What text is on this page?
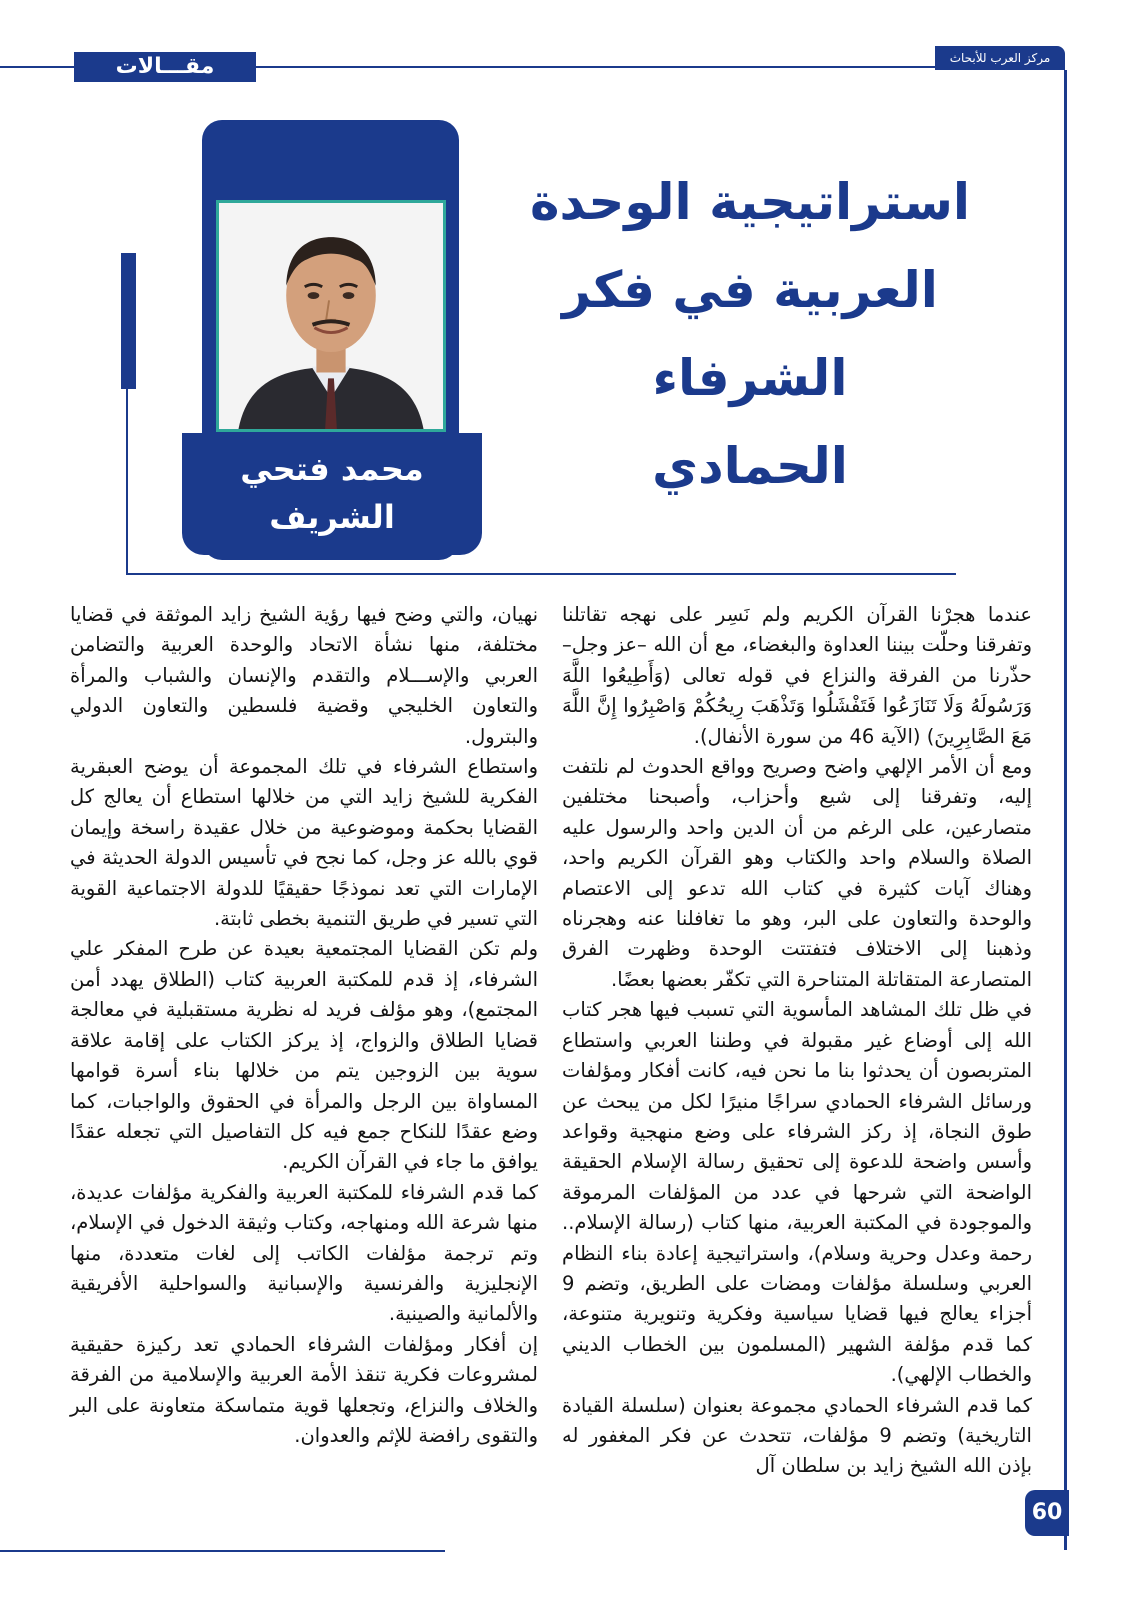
مقـــالات	مركز العرب للأبحاث
استراتيجية الوحدة
العربية في فكر الشرفاء
الحمادي
محمد فتحي
الشريف

عندما هجرْنا القرآن الكريم ولم نَسِر على نهجه تقاتلنا وتفرقنا وحلّت بيننا العداوة والبغضاء، مع أن الله –عز وجل– حذّرنا من الفرقة والنزاع في قوله تعالى (وَأَطِيعُوا اللَّهَ وَرَسُولَهُ وَلَا تَنَازَعُوا فَتَفْشَلُوا وَتَذْهَبَ رِيحُكُمْ وَاصْبِرُوا إِنَّ اللَّهَ مَعَ الصَّابِرِينَ) (الآية 46 من سورة الأنفال).

ومع أن الأمر الإلهي واضح وصريح وواقع الحدوث لم نلتفت إليه، وتفرقنا إلى شيع وأحزاب، وأصبحنا مختلفين متصارعين، على الرغم من أن الدين واحد والرسول عليه الصلاة والسلام واحد والكتاب وهو القرآن الكريم واحد، وهناك آيات كثيرة في كتاب الله تدعو إلى الاعتصام والوحدة والتعاون على البر، وهو ما تغافلنا عنه وهجرناه وذهبنا إلى الاختلاف فتفتتت الوحدة وظهرت الفرق المتصارعة المتقاتلة المتناحرة التي تكفّر بعضها بعضًا.

في ظل تلك المشاهد المأسوية التي تسبب فيها هجر كتاب الله إلى أوضاع غير مقبولة في وطننا العربي واستطاع المتربصون أن يحدثوا بنا ما نحن فيه، كانت أفكار ومؤلفات ورسائل الشرفاء الحمادي سراجًا منيرًا لكل من يبحث عن طوق النجاة، إذ ركز الشرفاء على وضع منهجية وقواعد وأسس واضحة للدعوة إلى تحقيق رسالة الإسلام الحقيقة الواضحة التي شرحها في عدد من المؤلفات المرموقة والموجودة في المكتبة العربية، منها كتاب (رسالة الإسلام.. رحمة وعدل وحرية وسلام)، واستراتيجية إعادة بناء النظام العربي وسلسلة مؤلفات ومضات على الطريق، وتضم 9 أجزاء يعالج فيها قضايا سياسية وفكرية وتنويرية متنوعة، كما قدم مؤلفة الشهير (المسلمون بين الخطاب الديني والخطاب الإلهي).

كما قدم الشرفاء الحمادي مجموعة بعنوان (سلسلة القيادة التاريخية) وتضم 9 مؤلفات، تتحدث عن فكر المغفور له بإذن الله الشيخ زايد بن سلطان آل

نهيان، والتي وضح فيها رؤية الشيخ زايد الموثقة في قضايا مختلفة، منها نشأة الاتحاد والوحدة العربية والتضامن العربي والإســـلام والتقدم والإنسان والشباب والمرأة والتعاون الخليجي وقضية فلسطين والتعاون الدولي والبترول.

واستطاع الشرفاء في تلك المجموعة أن يوضح العبقرية الفكرية للشيخ زايد التي من خلالها استطاع أن يعالج كل القضايا بحكمة وموضوعية من خلال عقيدة راسخة وإيمان قوي بالله عز وجل، كما نجح في تأسيس الدولة الحديثة في الإمارات التي تعد نموذجًا حقيقيًا للدولة الاجتماعية القوية التي تسير في طريق التنمية بخطى ثابتة.

ولم تكن القضايا المجتمعية بعيدة عن طرح المفكر علي الشرفاء، إذ قدم للمكتبة العربية كتاب (الطلاق يهدد أمن المجتمع)، وهو مؤلف فريد له نظرية مستقبلية في معالجة قضايا الطلاق والزواج، إذ يركز الكتاب على إقامة علاقة سوية بين الزوجين يتم من خلالها بناء أسرة قوامها المساواة بين الرجل والمرأة في الحقوق والواجبات، كما وضع عقدًا للنكاح جمع فيه كل التفاصيل التي تجعله عقدًا يوافق ما جاء في القرآن الكريم.

كما قدم الشرفاء للمكتبة العربية والفكرية مؤلفات عديدة، منها شرعة الله ومنهاجه، وكتاب وثيقة الدخول في الإسلام، وتم ترجمة مؤلفات الكاتب إلى لغات متعددة، منها الإنجليزية والفرنسية والإسبانية والسواحلية الأفريقية والألمانية والصينية.

إن أفكار ومؤلفات الشرفاء الحمادي تعد ركيزة حقيقية لمشروعات فكرية تنقذ الأمة العربية والإسلامية من الفرقة والخلاف والنزاع، وتجعلها قوية متماسكة متعاونة على البر والتقوى رافضة للإثم والعدوان.

60
